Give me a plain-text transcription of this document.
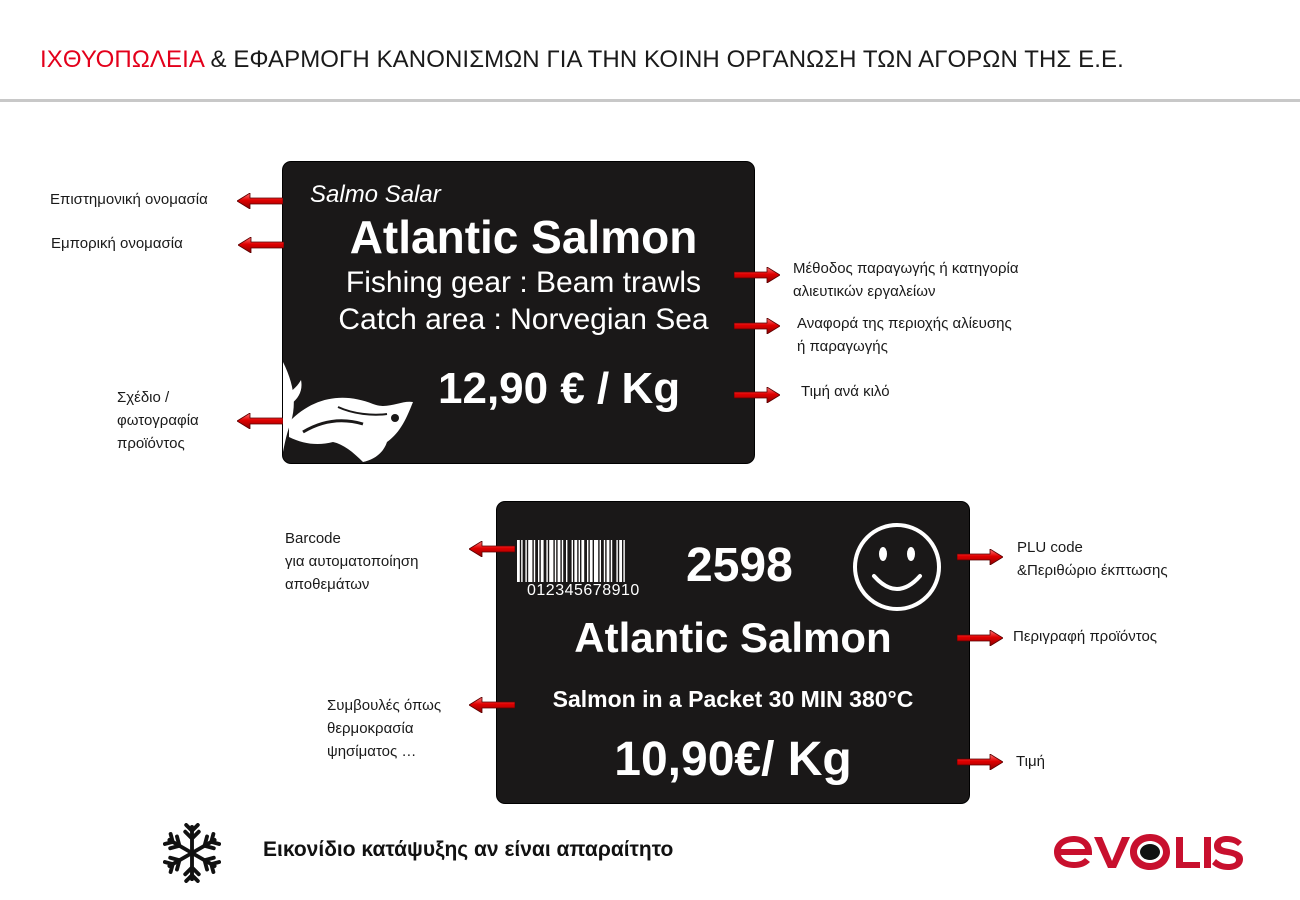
ΙΧΘΥΟΠΩΛΕΙΑ & ΕΦΑΡΜΟΓΗ ΚΑΝΟΝΙΣΜΩΝ ΓΙΑ ΤΗΝ ΚΟΙΝΗ ΟΡΓΑΝΩΣΗ ΤΩΝ ΑΓΟΡΩΝ ΤΗΣ Ε.Ε.
Salmo Salar
Atlantic Salmon
Fishing gear : Beam trawls
Catch area : Norvegian Sea
12,90 € / Kg
Επιστημονική ονομασία
Εμπορική ονομασία
Σχέδιο /
φωτογραφία
προϊόντος
Μέθοδος παραγωγής ή κατηγορία
αλιευτικών εργαλείων
Αναφορά της περιοχής αλίευσης
ή παραγωγής
Τιμή ανά κιλό
012345678910 2598
Atlantic Salmon
Salmon in a Packet 30 MIN 380°C
10,90€/ Kg
Barcode
για αυτοματοποίηση
αποθεμάτων
Συμβουλές όπως
θερμοκρασία
ψησίματος …
PLU code
&Περιθώριο έκπτωσης
Περιγραφή προϊόντος
Τιμή
Εικονίδιο κατάψυξης αν είναι απαραίτητο
